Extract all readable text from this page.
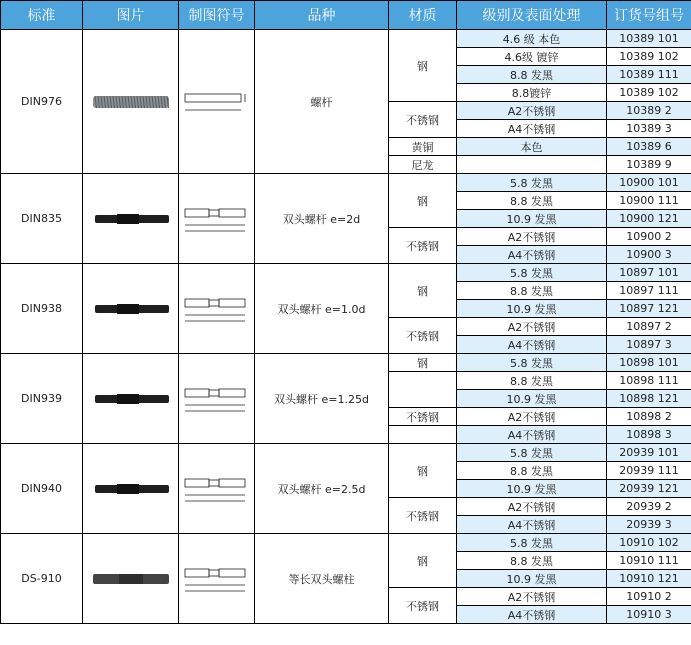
标准	图片	制图符号	品种	材质	级别及表面处理	订货号组号
DIN976			螺杆	钢	4.6 级 本色	10389 101
					4.6级 镀锌	10389 102
					8.8 发黑	10389 111
					8.8镀锌	10389 102
				不锈钢	A2不锈钢	10389 2
					A4不锈钢	10389 3
				黄铜	本色	10389 6
				尼龙		10389 9
DIN835			双头螺杆 e=2d	钢	5.8 发黑	10900 101
					8.8 发黑	10900 111
					10.9 发黑	10900 121
				不锈钢	A2不锈钢	10900 2
					A4不锈钢	10900 3
DIN938			双头螺杆 e=1.0d	钢	5.8 发黑	10897 101
					8.8 发黑	10897 111
					10.9 发黑	10897 121
				不锈钢	A2不锈钢	10897 2
					A4不锈钢	10897 3
DIN939			双头螺杆 e=1.25d	钢	5.8 发黑	10898 101
					8.8 发黑	10898 111
					10.9 发黑	10898 121
				不锈钢	A2不锈钢	10898 2
					A4不锈钢	10898 3
DIN940			双头螺杆 e=2.5d	钢	5.8 发黑	20939 101
					8.8 发黑	20939 111
					10.9 发黑	20939 121
				不锈钢	A2不锈钢	20939 2
					A4不锈钢	20939 3
DS-910			等长双头螺柱	钢	5.8 发黑	10910 102
					8.8 发黑	10910 111
					10.9 发黑	10910 121
				不锈钢	A2不锈钢	10910 2
					A4不锈钢	10910 3
